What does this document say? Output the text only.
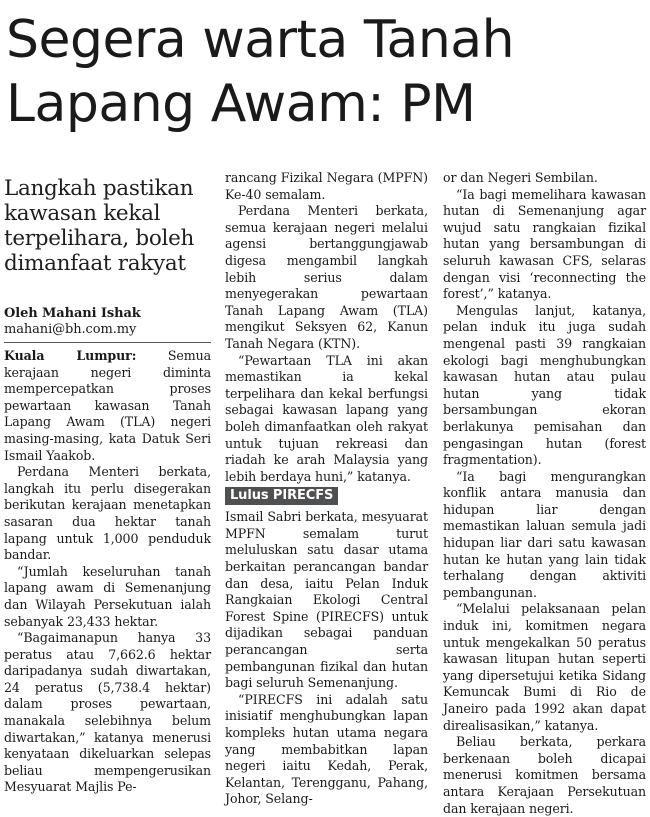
Segera warta Tanah
Lapang Awam: PM
Langkah pastikan
kawasan kekal
terpelihara, boleh
dimanfaat rakyat
Oleh Mahani Ishak
mahani@bh.com.my

Kuala Lumpur:	Semua kerajaan negeri diminta mempercepatkan proses pewartaan kawasan Tanah Lapang Awam (TLA) negeri masing-masing, kata Datuk Seri Ismail Yaakob.

Perdana Menteri berkata, langkah itu perlu disegerakan berikutan kerajaan menetapkan sasaran dua hektar tanah lapang untuk 1,000 penduduk bandar.

“Jumlah keseluruhan tanah lapang awam di Semenanjung dan Wilayah Persekutuan ialah sebanyak 23,433 hektar.

“Bagaimanapun hanya 33 peratus atau 7,662.6 hektar daripadanya sudah diwartakan, 24 peratus (5,738.4 hektar) dalam proses pewartaan, manakala selebihnya belum diwartakan,” katanya menerusi kenyataan dikeluarkan selepas beliau mempengerusikan Mesyuarat Majlis Pe-

rancang Fizikal Negara (MPFN) Ke-40 semalam.

Perdana Menteri berkata, semua kerajaan negeri melalui agensi bertanggungjawab digesa mengambil langkah lebih serius dalam menyegerakan pewartaan Tanah Lapang Awam (TLA) mengikut Seksyen 62, Kanun Tanah Negara (KTN).

“Pewartaan TLA ini akan memastikan ia kekal terpelihara dan kekal berfungsi sebagai kawasan lapang yang boleh dimanfaatkan oleh rakyat untuk tujuan rekreasi dan riadah ke arah Malaysia yang lebih berdaya huni,” katanya.

Lulus PIRECFS

Ismail Sabri berkata, mesyuarat MPFN semalam turut meluluskan satu dasar utama berkaitan perancangan bandar dan desa, iaitu Pelan Induk Rangkaian Ekologi Central Forest Spine (PIRECFS) untuk dijadikan sebagai panduan perancangan serta pembangunan fizikal dan hutan bagi seluruh Semenanjung.

“PIRECFS ini adalah satu inisiatif menghubungkan lapan kompleks hutan utama negara yang membabitkan lapan negeri iaitu Kedah, Perak, Kelantan, Terengganu, Pahang, Johor, Selang-

or dan Negeri Sembilan.

“Ia bagi memelihara kawasan hutan di Semenanjung agar wujud satu rangkaian fizikal hutan yang bersambungan di seluruh kawasan CFS, selaras dengan visi ‘reconnecting the forest’,” katanya.

Mengulas lanjut, katanya, pelan induk itu juga sudah mengenal pasti 39 rangkaian ekologi bagi menghubungkan kawasan hutan atau pulau hutan yang tidak bersambungan ekoran berlakunya pemisahan dan pengasingan hutan (forest fragmentation).

“Ia bagi mengurangkan konflik antara manusia dan hidupan liar dengan memastikan laluan semula jadi hidupan liar dari satu kawasan hutan ke hutan yang lain tidak terhalang dengan aktiviti pembangunan.

“Melalui pelaksanaan pelan induk ini, komitmen negara untuk mengekalkan 50 peratus kawasan litupan hutan seperti yang dipersetujui ketika Sidang Kemuncak Bumi di Rio de Janeiro pada 1992 akan dapat direalisasikan,” katanya.

Beliau berkata, perkara berkenaan boleh dicapai menerusi komitmen bersama antara Kerajaan Persekutuan dan kerajaan negeri.
